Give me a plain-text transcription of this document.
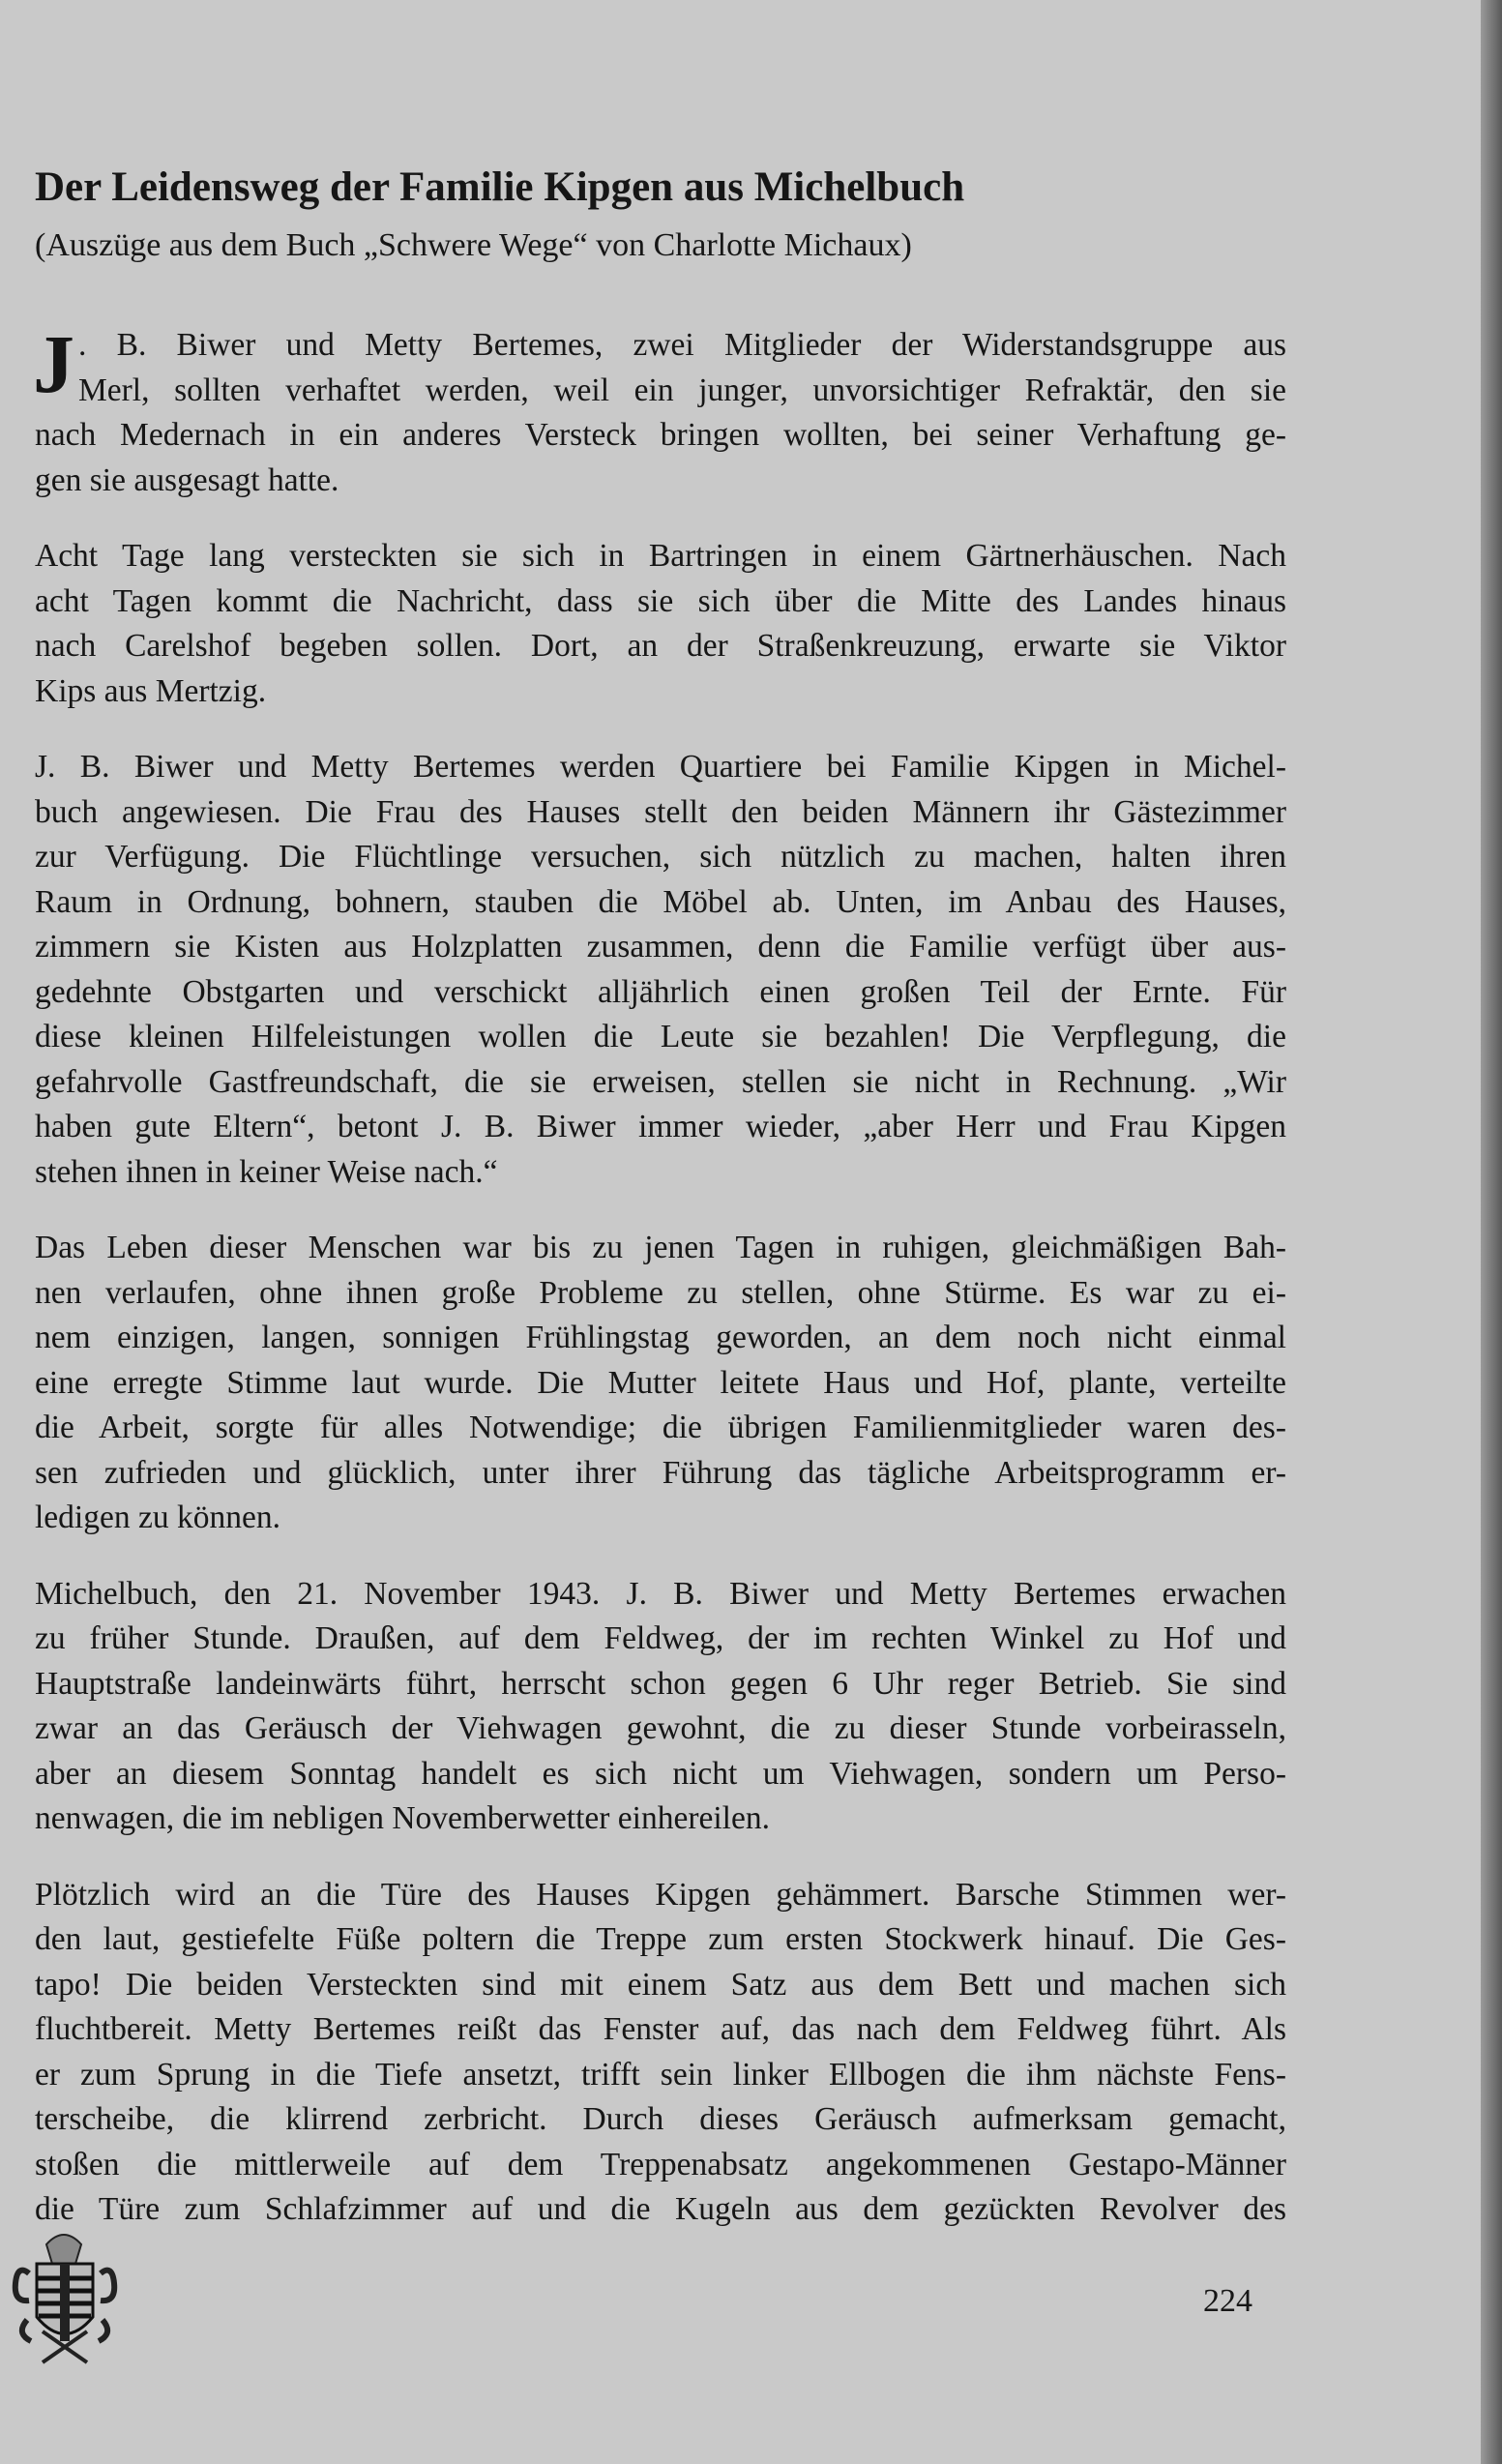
Der Leidensweg der Familie Kipgen aus Michelbuch
(Auszüge aus dem Buch „Schwere Wege“ von Charlotte Michaux)
J . B. Biwer und Metty Bertemes, zwei Mitglieder der Widerstandsgruppe aus
Merl, sollten verhaftet werden, weil ein junger, unvorsichtiger Refraktär, den sie
nach Medernach in ein anderes Versteck bringen wollten, bei seiner Verhaftung ge-
gen sie ausgesagt hatte.
Acht Tage lang versteckten sie sich in Bartringen in einem Gärtnerhäuschen. Nach
acht Tagen kommt die Nachricht, dass sie sich über die Mitte des Landes hinaus
nach Carelshof begeben sollen. Dort, an der Straßenkreuzung, erwarte sie Viktor
Kips aus Mertzig.
J. B. Biwer und Metty Bertemes werden Quartiere bei Familie Kipgen in Michel-
buch angewiesen. Die Frau des Hauses stellt den beiden Männern ihr Gästezimmer
zur Verfügung. Die Flüchtlinge versuchen, sich nützlich zu machen, halten ihren
Raum in Ordnung, bohnern, stauben die Möbel ab. Unten, im Anbau des Hauses,
zimmern sie Kisten aus Holzplatten zusammen, denn die Familie verfügt über aus-
gedehnte Obstgarten und verschickt alljährlich einen großen Teil der Ernte. Für
diese kleinen Hilfeleistungen wollen die Leute sie bezahlen! Die Verpflegung, die
gefahrvolle Gastfreundschaft, die sie erweisen, stellen sie nicht in Rechnung. „Wir
haben gute Eltern“, betont J. B. Biwer immer wieder, „aber Herr und Frau Kipgen
stehen ihnen in keiner Weise nach.“
Das Leben dieser Menschen war bis zu jenen Tagen in ruhigen, gleichmäßigen Bah-
nen verlaufen, ohne ihnen große Probleme zu stellen, ohne Stürme. Es war zu ei-
nem einzigen, langen, sonnigen Frühlingstag geworden, an dem noch nicht einmal
eine erregte Stimme laut wurde. Die Mutter leitete Haus und Hof, plante, verteilte
die Arbeit, sorgte für alles Notwendige; die übrigen Familienmitglieder waren des-
sen zufrieden und glücklich, unter ihrer Führung das tägliche Arbeitsprogramm er-
ledigen zu können.
Michelbuch, den 21. November 1943. J. B. Biwer und Metty Bertemes erwachen
zu früher Stunde. Draußen, auf dem Feldweg, der im rechten Winkel zu Hof und
Hauptstraße landeinwärts führt, herrscht schon gegen 6 Uhr reger Betrieb. Sie sind
zwar an das Geräusch der Viehwagen gewohnt, die zu dieser Stunde vorbeirasseln,
aber an diesem Sonntag handelt es sich nicht um Viehwagen, sondern um Perso-
nenwagen, die im nebligen Novemberwetter einhereilen.
Plötzlich wird an die Türe des Hauses Kipgen gehämmert. Barsche Stimmen wer-
den laut, gestiefelte Füße poltern die Treppe zum ersten Stockwerk hinauf. Die Ges-
tapo! Die beiden Versteckten sind mit einem Satz aus dem Bett und machen sich
fluchtbereit. Metty Bertemes reißt das Fenster auf, das nach dem Feldweg führt. Als
er zum Sprung in die Tiefe ansetzt, trifft sein linker Ellbogen die ihm nächste Fens-
terscheibe, die klirrend zerbricht. Durch dieses Geräusch aufmerksam gemacht,
stoßen die mittlerweile auf dem Treppenabsatz angekommenen Gestapo-Männer
die Türe zum Schlafzimmer auf und die Kugeln aus dem gezückten Revolver des
224
